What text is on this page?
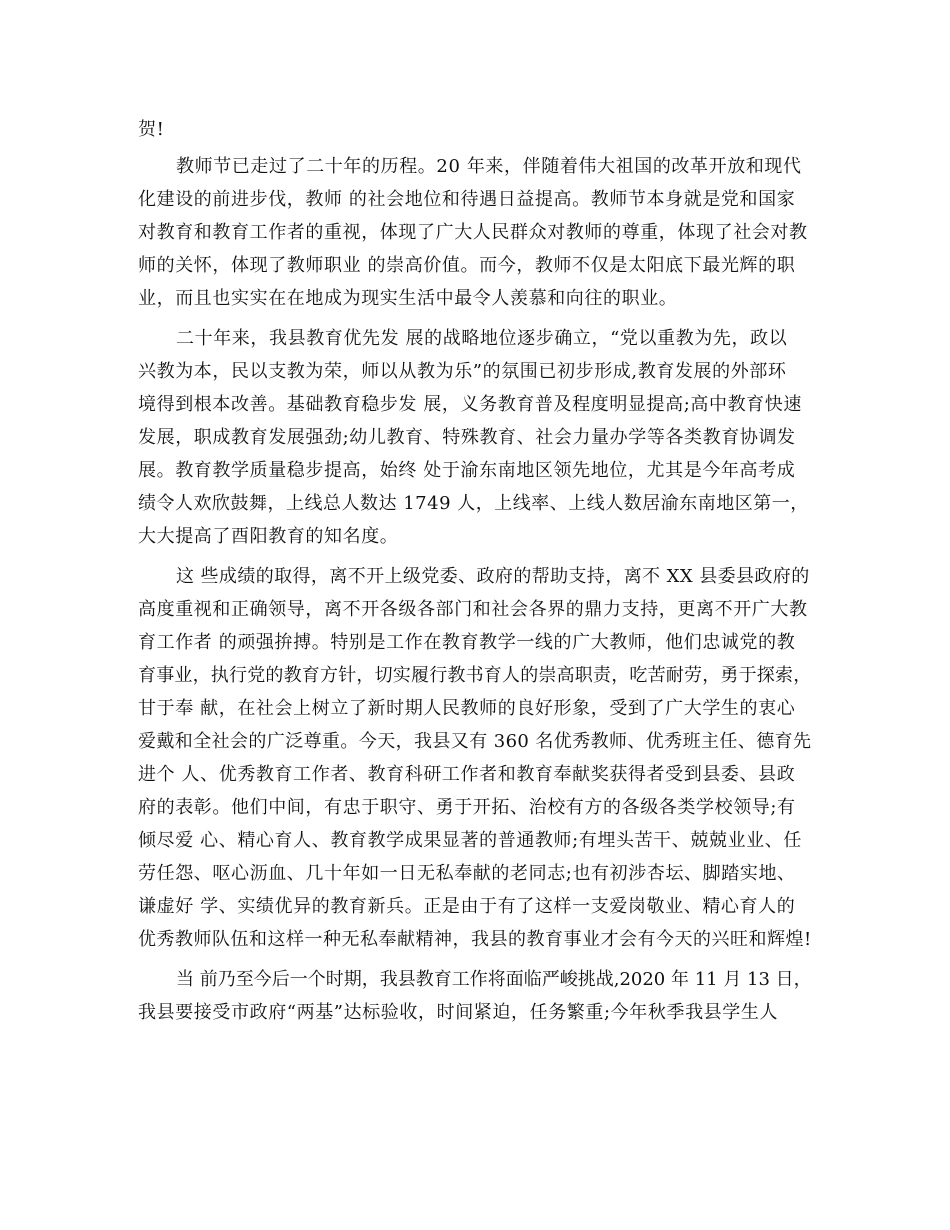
贺!

教师节已走过了二十年的历程。20 年来，伴随着伟大祖国的改革开放和现代

化建设的前进步伐，教师 的社会地位和待遇日益提高。教师节本身就是党和国家

对教育和教育工作者的重视，体现了广大人民群众对教师的尊重，体现了社会对教

师的关怀，体现了教师职业 的崇高价值。而今，教师不仅是太阳底下最光辉的职

业，而且也实实在在地成为现实生活中最令人羡慕和向往的职业。

二十年来，我县教育优先发 展的战略地位逐步确立，“党以重教为先，政以

兴教为本，民以支教为荣，师以从教为乐”的氛围已初步形成,教育发展的外部环

境得到根本改善。基础教育稳步发 展，义务教育普及程度明显提高;高中教育快速

发展，职成教育发展强劲;幼儿教育、特殊教育、社会力量办学等各类教育协调发

展。教育教学质量稳步提高，始终 处于渝东南地区领先地位，尤其是今年高考成

绩令人欢欣鼓舞，上线总人数达 1749 人，上线率、上线人数居渝东南地区第一，

大大提高了酉阳教育的知名度。

这 些成绩的取得，离不开上级党委、政府的帮助支持，离不 XX 县委县政府的

高度重视和正确领导，离不开各级各部门和社会各界的鼎力支持，更离不开广大教

育工作者 的顽强拚搏。特别是工作在教育教学一线的广大教师，他们忠诚党的教

育事业，执行党的教育方针，切实履行教书育人的崇高职责，吃苦耐劳，勇于探索，

甘于奉 献，在社会上树立了新时期人民教师的良好形象，受到了广大学生的衷心

爱戴和全社会的广泛尊重。今天，我县又有 360 名优秀教师、优秀班主任、德育先

进个 人、优秀教育工作者、教育科研工作者和教育奉献奖获得者受到县委、县政

府的表彰。他们中间，有忠于职守、勇于开拓、治校有方的各级各类学校领导;有

倾尽爱 心、精心育人、教育教学成果显著的普通教师;有埋头苦干、兢兢业业、任

劳任怨、呕心沥血、几十年如一日无私奉献的老同志;也有初涉杏坛、脚踏实地、

谦虚好 学、实绩优异的教育新兵。正是由于有了这样一支爱岗敬业、精心育人的

优秀教师队伍和这样一种无私奉献精神，我县的教育事业才会有今天的兴旺和辉煌!

当 前乃至今后一个时期，我县教育工作将面临严峻挑战,2020 年 11 月 13 日，

我县要接受市政府“两基”达标验收，时间紧迫，任务繁重;今年秋季我县学生人
